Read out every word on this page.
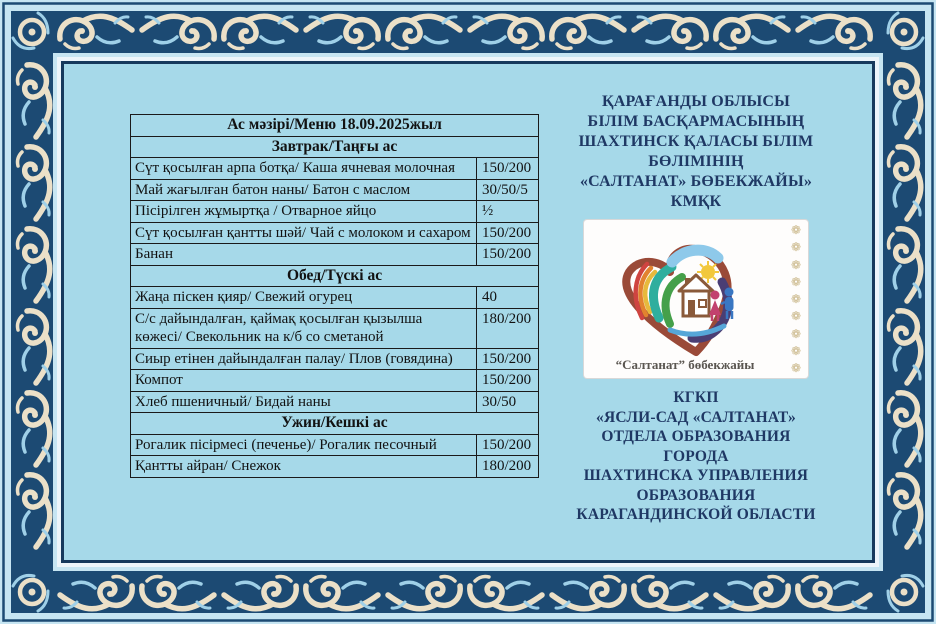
Ас мәзірі/Меню 18.09.2025жыл	
Завтрак/Таңғы ас	
Сүт қосылған арпа ботқа/ Каша ячневая молочная	150/200
Май жағылған батон наны/ Батон с маслом	30/50/5
Пісірілген жұмыртқа / Отварное яйцо	½
Сүт қосылған қантты шәй/ Чай с молоком и сахаром	150/200
Банан	150/200
Обед/Түскі ас	
Жаңа піскен қияр/ Свежий огурец	40
С/с дайындалған, қаймақ қосылған қызылша көжесі/ Свекольник на к/б со сметаной	180/200
Сиыр етінен дайындалған палау/ Плов (говядина)	150/200
Компот	150/200
Хлеб пшеничный/ Бидай наны	30/50
Ужин/Кешкі ас	
Рогалик пісірмесі (печенье)/ Рогалик песочный	150/200
Қантты айран/ Снежок	180/200
ҚАРАҒАНДЫ ОБЛЫСЫ
БІЛІМ БАСҚАРМАСЫНЫҢ
ШАХТИНСК ҚАЛАСЫ БІЛІМ
БӨЛІМІНІҢ
«САЛТАНАТ» БӨБЕКЖАЙЫ»
КМҚК
“Салтанат” бөбекжайы
❁
❁
❁
❁
❁
❁
❁
❁
❁
КГКП
«ЯСЛИ-САД «САЛТАНАТ»
ОТДЕЛА ОБРАЗОВАНИЯ
ГОРОДА
ШАХТИНСКА УПРАВЛЕНИЯ
ОБРАЗОВАНИЯ
КАРАГАНДИНСКОЙ ОБЛАСТИ
